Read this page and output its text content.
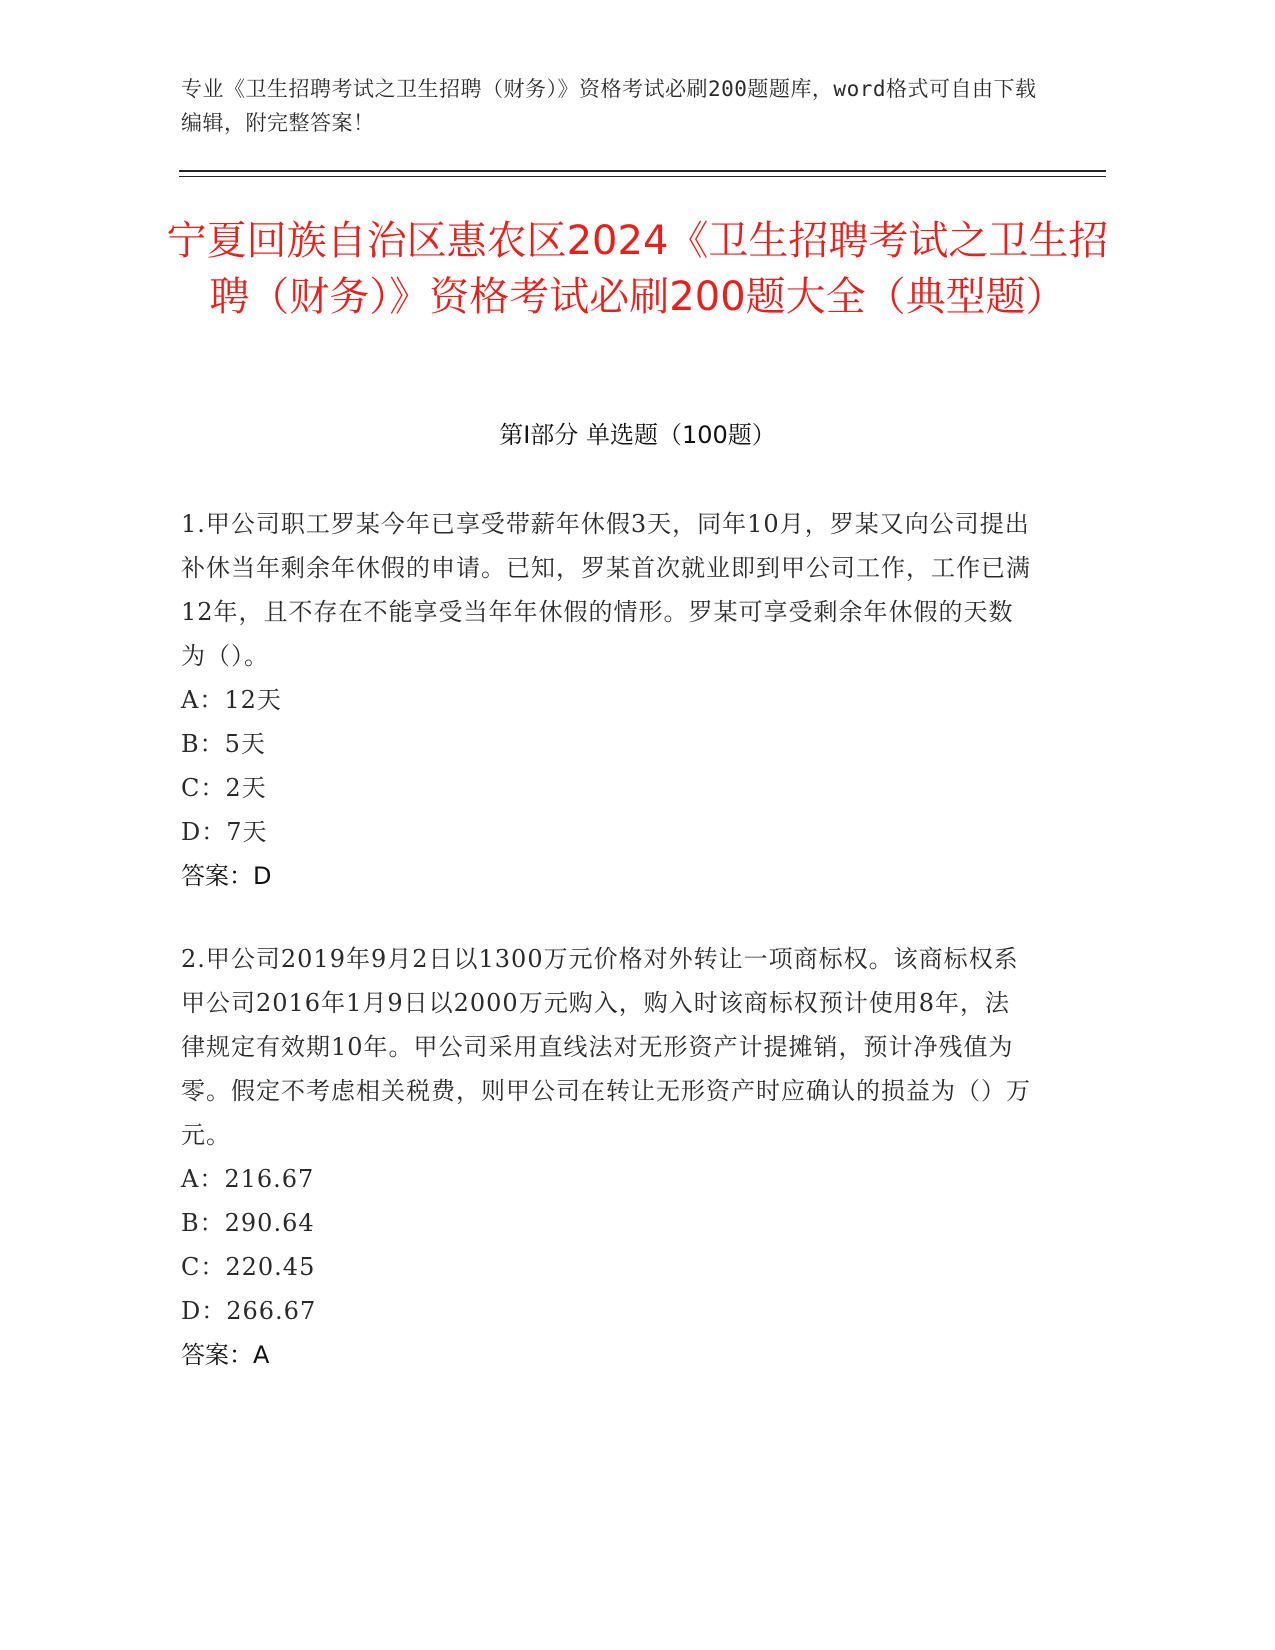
专业《卫生招聘考试之卫生招聘（财务）》资格考试必刷200题题库，word格式可自由下载编辑，附完整答案！
宁夏回族自治区惠农区2024《卫生招聘考试之卫生招聘（财务）》资格考试必刷200题大全（典型题）
第Ⅰ部分 单选题（100题）
1.甲公司职工罗某今年已享受带薪年休假3天，同年10月，罗某又向公司提出补休当年剩余年休假的申请。已知，罗某首次就业即到甲公司工作，工作已满12年，且不存在不能享受当年年休假的情形。罗某可享受剩余年休假的天数为（）。
A：12天
B：5天
C：2天
D：7天
答案：D
2.甲公司2019年9月2日以1300万元价格对外转让一项商标权。该商标权系甲公司2016年1月9日以2000万元购入，购入时该商标权预计使用8年，法律规定有效期10年。甲公司采用直线法对无形资产计提摊销，预计净残值为零。假定不考虑相关税费，则甲公司在转让无形资产时应确认的损益为（）万元。
A：216.67
B：290.64
C：220.45
D：266.67
答案：A
